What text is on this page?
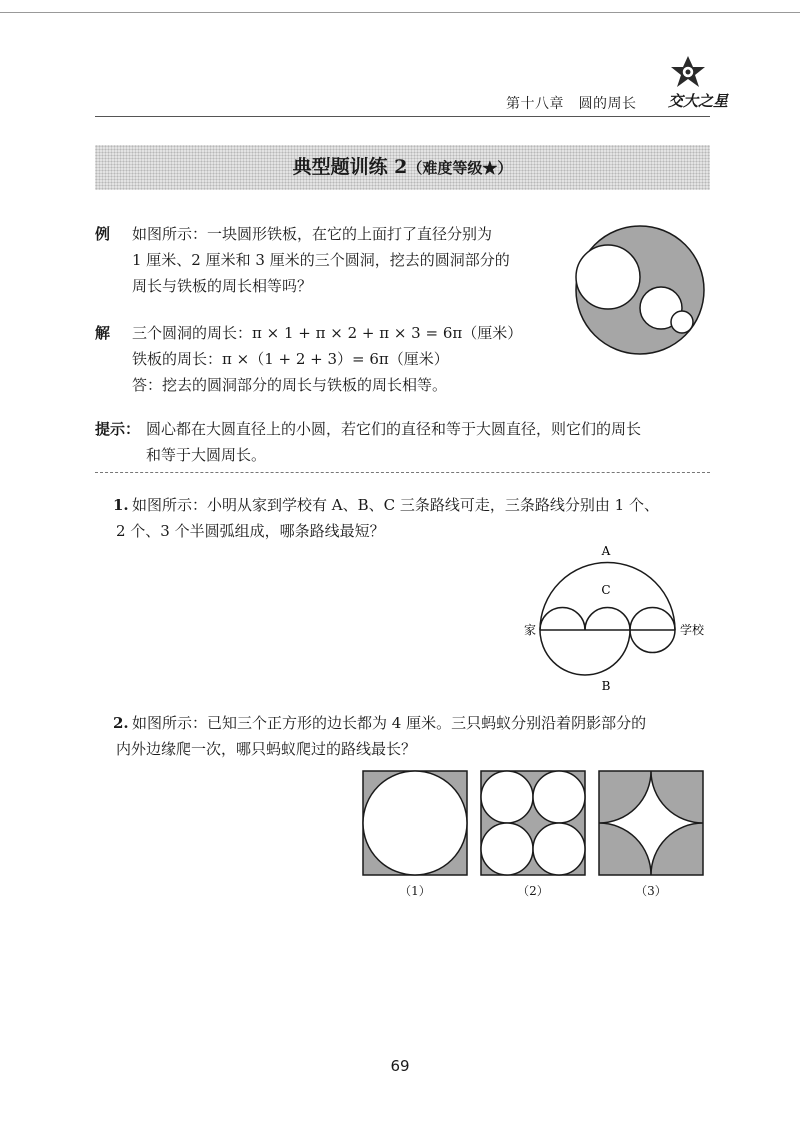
第十八章　圆的周长 交大之星
典型题训练 2（难度等级★）
例 如图所示：一块圆形铁板，在它的上面打了直径分别为
1 厘米、2 厘米和 3 厘米的三个圆洞，挖去的圆洞部分的
周长与铁板的周长相等吗？
解 三个圆洞的周长：π × 1 + π × 2 + π × 3 = 6π（厘米）
铁板的周长：π ×（1 + 2 + 3）= 6π（厘米）
答：挖去的圆洞部分的周长与铁板的周长相等。
提示： 圆心都在大圆直径上的小圆，若它们的直径和等于大圆直径，则它们的周长
和等于大圆周长。
1. 如图所示：小明从家到学校有 A、B、C 三条路线可走，三条路线分别由 1 个、
2 个、3 个半圆弧组成，哪条路线最短？
A
C
B
家	学校
2. 如图所示：已知三个正方形的边长都为 4 厘米。三只蚂蚁分别沿着阴影部分的
内外边缘爬一次，哪只蚂蚁爬过的路线最长？
（1）	（2）	（3）
69
